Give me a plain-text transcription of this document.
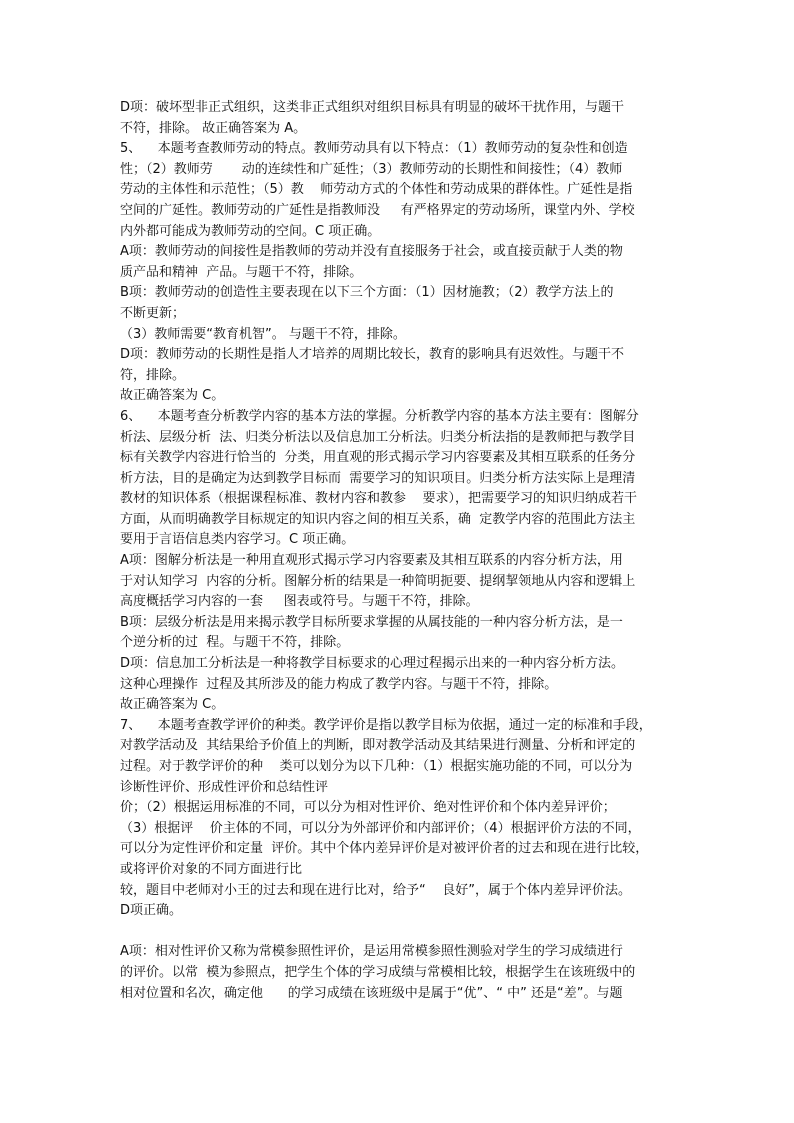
D项：破坏型非正式组织，这类非正式组织对组织目标具有明显的破坏干扰作用，与题干
不符，排除。 故正确答案为 A。
5、    本题考查教师劳动的特点。教师劳动具有以下特点：（1）教师劳动的复杂性和创造
性；（2）教师劳       动的连续性和广延性；（3）教师劳动的长期性和间接性；（4）教师
劳动的主体性和示范性；（5）教    师劳动方式的个体性和劳动成果的群体性。广延性是指
空间的广延性。教师劳动的广延性是指教师没     有严格界定的劳动场所，课堂内外、学校
内外都可能成为教师劳动的空间。C 项正确。
A项：教师劳动的间接性是指教师的劳动并没有直接服务于社会，或直接贡献于人类的物
质产品和精神  产品。与题干不符，排除。
B项：教师劳动的创造性主要表现在以下三个方面：（1）因材施教；（2）教学方法上的
不断更新；
（3）教师需要“教育机智”。 与题干不符，排除。
D项：教师劳动的长期性是指人才培养的周期比较长，教育的影响具有迟效性。与题干不
符，排除。
故正确答案为 C。
6、    本题考查分析教学内容的基本方法的掌握。分析教学内容的基本方法主要有：图解分
析法、层级分析  法、归类分析法以及信息加工分析法。归类分析法指的是教师把与教学目
标有关教学内容进行恰当的  分类，用直观的形式揭示学习内容要素及其相互联系的任务分
析方法，目的是确定为达到教学目标而  需要学习的知识项目。归类分析方法实际上是理清
教材的知识体系（根据课程标准、教材内容和教参    要求），把需要学习的知识归纳成若干
方面，从而明确教学目标规定的知识内容之间的相互关系，确  定教学内容的范围此方法主
要用于言语信息类内容学习。C 项正确。
A项：图解分析法是一种用直观形式揭示学习内容要素及其相互联系的内容分析方法，用
于对认知学习  内容的分析。图解分析的结果是一种简明扼要、提纲挈领地从内容和逻辑上
高度概括学习内容的一套     图表或符号。与题干不符，排除。
B项：层级分析法是用来揭示教学目标所要求掌握的从属技能的一种内容分析方法，是一
个逆分析的过  程。与题干不符，排除。
D项：信息加工分析法是一种将教学目标要求的心理过程揭示出来的一种内容分析方法。
这种心理操作  过程及其所涉及的能力构成了教学内容。与题干不符，排除。
故正确答案为 C。
7、    本题考查教学评价的种类。教学评价是指以教学目标为依据，通过一定的标准和手段，
对教学活动及  其结果给予价值上的判断，即对教学活动及其结果进行测量、分析和评定的
过程。对于教学评价的种    类可以划分为以下几种：（1）根据实施功能的不同，可以分为
诊断性评价、形成性评价和总结性评
价；（2）根据运用标准的不同，可以分为相对性评价、绝对性评价和个体内差异评价；
（3）根据评    价主体的不同，可以分为外部评价和内部评价；（4）根据评价方法的不同，
可以分为定性评价和定量  评价。其中个体内差异评价是对被评价者的过去和现在进行比较，
或将评价对象的不同方面进行比
较，题目中老师对小王的过去和现在进行比对，给予“    良好”，属于个体内差异评价法。
D项正确。
A项：相对性评价又称为常模参照性评价，是运用常模参照性测验对学生的学习成绩进行
的评价。以常  模为参照点，把学生个体的学习成绩与常模相比较，根据学生在该班级中的
相对位置和名次，确定他      的学习成绩在该班级中是属于“优”、“ 中” 还是“差”。与题
